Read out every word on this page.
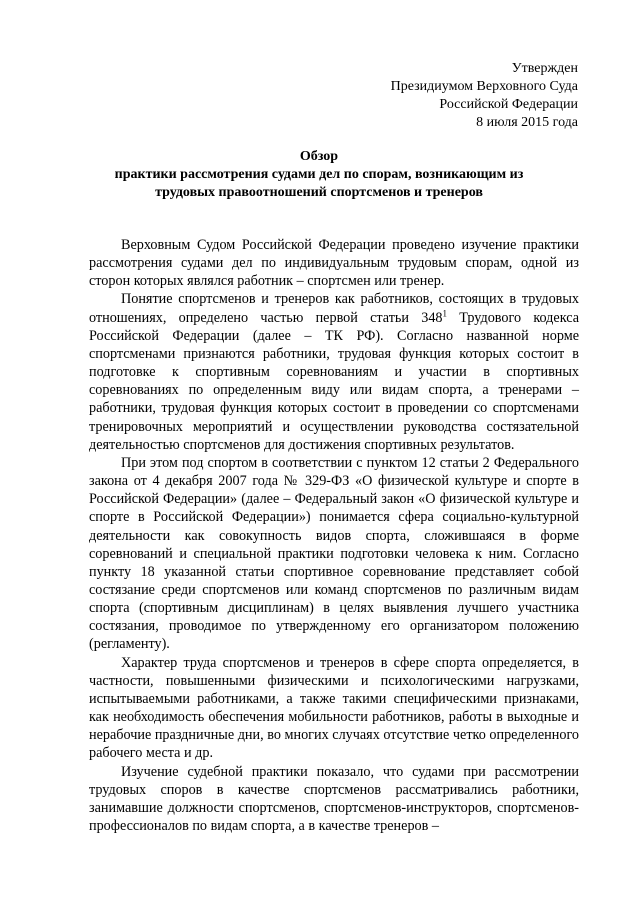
Утвержден
Президиумом Верховного Суда
Российской Федерации
8 июля 2015 года
Обзор
практики рассмотрения судами дел по спорам, возникающим из
трудовых правоотношений спортсменов и тренеров

Верховным Судом Российской Федерации проведено изучение практики рассмотрения судами дел по индивидуальным трудовым спорам, одной из сторон которых являлся работник – спортсмен или тренер.

Понятие спортсменов и тренеров как работников, состоящих в трудовых отношениях, определено частью первой статьи $348^1$ Трудового кодекса Российской Федерации (далее – ТК РФ). Согласно названной норме спортсменами признаются работники, трудовая функция которых состоит в подготовке к спортивным соревнованиям и участии в спортивных соревнованиях по определенным виду или видам спорта, а тренерами – работники, трудовая функция которых состоит в проведении со спортсменами тренировочных мероприятий и осуществлении руководства состязательной деятельностью спортсменов для достижения спортивных результатов.

При этом под спортом в соответствии с пунктом 12 статьи 2 Федерального закона от 4 декабря 2007 года № 329-ФЗ «О физической культуре и спорте в Российской Федерации» (далее – Федеральный закон «О физической культуре и спорте в Российской Федерации») понимается сфера социально-культурной деятельности как совокупность видов спорта, сложившаяся в форме соревнований и специальной практики подготовки человека к ним. Согласно пункту 18 указанной статьи спортивное соревнование представляет собой состязание среди спортсменов или команд спортсменов по различным видам спорта (спортивным дисциплинам) в целях выявления лучшего участника состязания, проводимое по утвержденному его организатором положению (регламенту).

Характер труда спортсменов и тренеров в сфере спорта определяется, в частности, повышенными физическими и психологическими нагрузками, испытываемыми работниками, а также такими специфическими признаками, как необходимость обеспечения мобильности работников, работы в выходные и нерабочие праздничные дни, во многих случаях отсутствие четко определенного рабочего места и др.

Изучение судебной практики показало, что судами при рассмотрении трудовых споров в качестве спортсменов рассматривались работники, занимавшие должности спортсменов, спортсменов-инструкторов, спортсменов-профессионалов по видам спорта, а в качестве тренеров –
